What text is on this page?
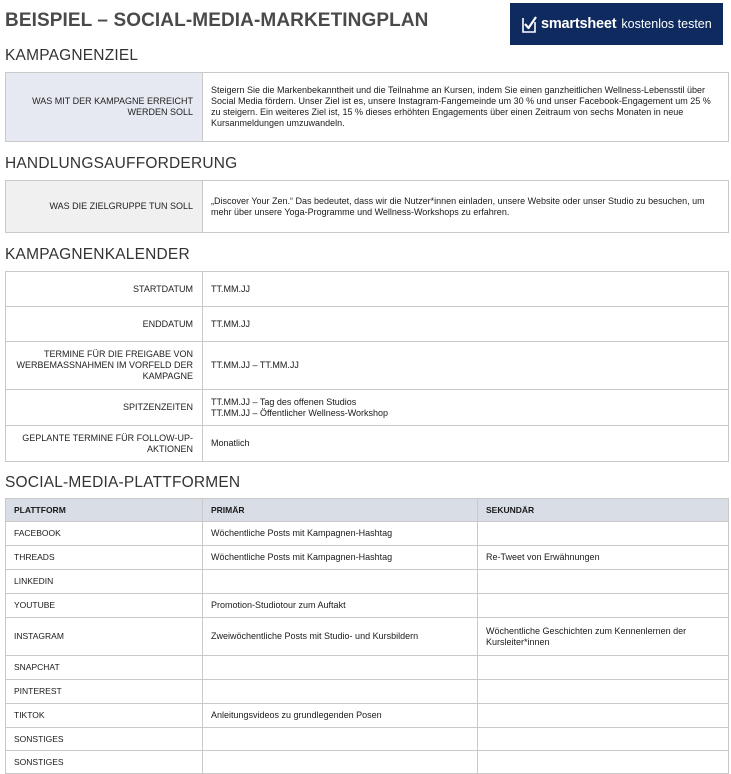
BEISPIEL – SOCIAL-MEDIA-MARKETINGPLAN	smartsheet kostenlos testen
KAMPAGNENZIEL
WAS MIT DER KAMPAGNE ERREICHT WERDEN SOLL	Steigern Sie die Markenbekanntheit und die Teilnahme an Kursen, indem Sie einen ganzheitlichen Wellness-Lebensstil über Social Media fördern. Unser Ziel ist es, unsere Instagram-Fangemeinde um 30 % und unser Facebook-Engagement um 25 % zu steigern. Ein weiteres Ziel ist, 15 % dieses erhöhten Engagements über einen Zeitraum von sechs Monaten in neue Kursanmeldungen umzuwandeln.
HANDLUNGSAUFFORDERUNG
WAS DIE ZIELGRUPPE TUN SOLL	„Discover Your Zen.“ Das bedeutet, dass wir die Nutzer*innen einladen, unsere Website oder unser Studio zu besuchen, um mehr über unsere Yoga-Programme und Wellness-Workshops zu erfahren.
KAMPAGNENKALENDER
STARTDATUM	TT.MM.JJ
ENDDATUM	TT.MM.JJ
TERMINE FÜR DIE FREIGABE VON WERBEMASSNAHMEN IM VORFELD DER KAMPAGNE	TT.MM.JJ – TT.MM.JJ
SPITZENZEITEN	TT.MM.JJ – Tag des offenen Studios
TT.MM.JJ – Öffentlicher Wellness-Workshop
GEPLANTE TERMINE FÜR FOLLOW-UP-AKTIONEN	Monatlich
SOCIAL-MEDIA-PLATTFORMEN
PLATTFORM	PRIMÄR	SEKUNDÄR
FACEBOOK	Wöchentliche Posts mit Kampagnen-Hashtag	
THREADS	Wöchentliche Posts mit Kampagnen-Hashtag	Re-Tweet von Erwähnungen
LINKEDIN		
YOUTUBE	Promotion-Studiotour zum Auftakt	
INSTAGRAM	Zweiwöchentliche Posts mit Studio- und Kursbildern	Wöchentliche Geschichten zum Kennenlernen der Kursleiter*innen
SNAPCHAT		
PINTEREST		
TIKTOK	Anleitungsvideos zu grundlegenden Posen	
SONSTIGES		
SONSTIGES		
